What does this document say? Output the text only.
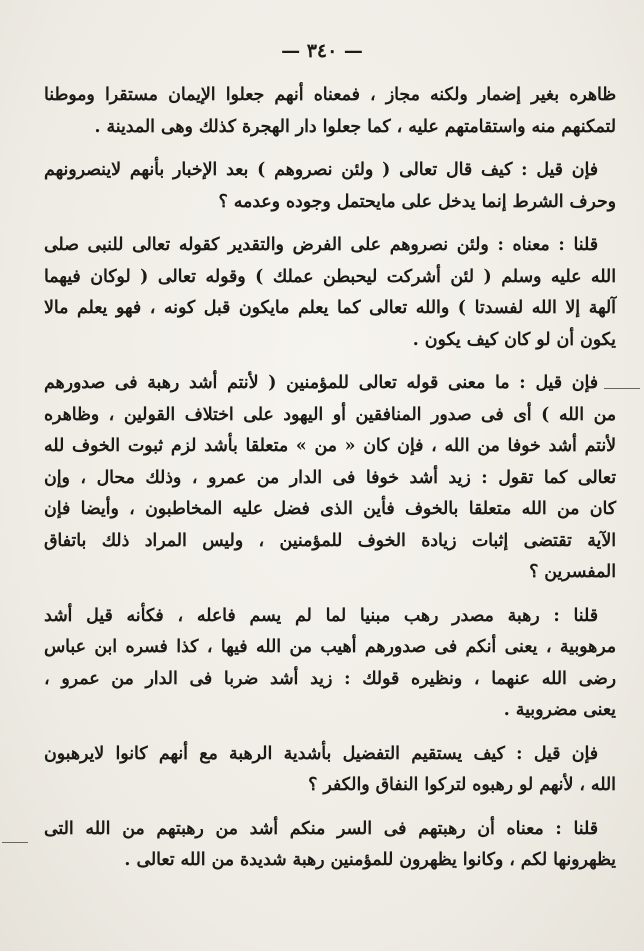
— ٣٤٠ —
ظاهره بغير إضمار ولكنه مجاز ، فمعناه أنهم جعلوا الإيمان مستقرا وموطنا
لتمكنهم منه واستقامتهم عليه ، كما جعلوا دار الهجرة كذلك وهى المدينة .
فإن قيل : كيف قال تعالى ( ولئن نصروهم ) بعد الإخبار بأنهم لاينصرونهم
وحرف الشرط إنما يدخل على مايحتمل وجوده وعدمه ؟
قلنا : معناه : ولئن نصروهم على الفرض والتقدير كقوله تعالى للنبى صلى
الله عليه وسلم ( لئن أشركت ليحبطن عملك ) وقوله تعالى ( لوكان فيهما
آلهة إلا الله لفسدتا ) والله تعالى كما يعلم مايكون قبل كونه ، فهو يعلم مالا
يكون أن لو كان كيف يكون .
فإن قيل : ما معنى قوله تعالى للمؤمنين ( لأنتم أشد رهبة فى صدورهم
من الله ) أى فى صدور المنافقين أو اليهود على اختلاف القولين ، وظاهره
لأنتم أشد خوفا من الله ، فإن كان « من » متعلقا بأشد لزم ثبوت الخوف لله
تعالى كما تقول : زيد أشد خوفا فى الدار من عمرو ، وذلك محال ، وإن
كان من الله متعلقا بالخوف فأين الذى فضل عليه المخاطبون ، وأيضا فإن
الآية تقتضى إثبات زيادة الخوف للمؤمنين ، وليس المراد ذلك باتفاق
المفسرين ؟
قلنا : رهبة مصدر رهب مبنيا لما لم يسم فاعله ، فكأنه قيل أشد
مرهوبية ، يعنى أنكم فى صدورهم أهيب من الله فيها ، كذا فسره ابن عباس
رضى الله عنهما ، ونظيره قولك : زيد أشد ضربا فى الدار من عمرو ،
يعنى مضروبية .
فإن قيل : كيف يستقيم التفضيل بأشدية الرهبة مع أنهم كانوا لايرهبون
الله ، لأنهم لو رهبوه لتركوا النفاق والكفر ؟
قلنا : معناه أن رهبتهم فى السر منكم أشد من رهبتهم من الله التى
يظهرونها لكم ، وكانوا يظهرون للمؤمنين رهبة شديدة من الله تعالى .
